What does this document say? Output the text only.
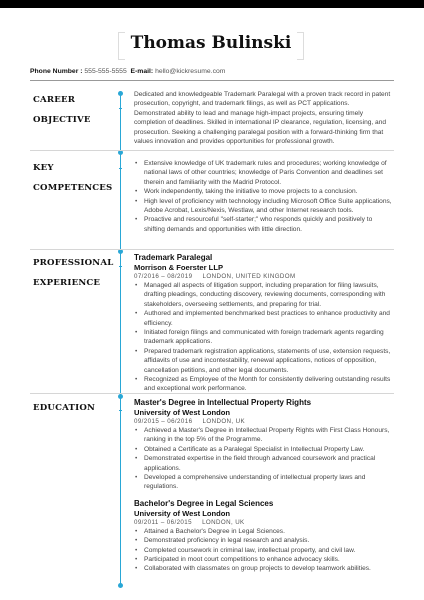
Thomas Bulinski
Phone Number : 555-555-5555 E-mail: hello@kickresume.com
CAREER
OBJECTIVE

Dedicated and knowledgeable Trademark Paralegal with a proven track record in patent prosecution, copyright, and trademark filings, as well as PCT applications. Demonstrated ability to lead and manage high-impact projects, ensuring timely completion of deadlines. Skilled in international IP clearance, regulation, licensing, and prosecution. Seeking a challenging paralegal position with a forward-thinking firm that values innovation and provides opportunities for professional growth.

KEY
COMPETENCES
• Extensive knowledge of UK trademark rules and procedures; working knowledge of national laws of other countries; knowledge of Paris Convention and deadlines set therein and familiarity with the Madrid Protocol.
• Work independently, taking the initiative to move projects to a conclusion.
• High level of proficiency with technology including Microsoft Office Suite applications, Adobe Acrobat, Lexis/Nexis, Westlaw, and other Internet research tools.
• Proactive and resourceful "self-starter;" who responds quickly and positively to shifting demands and opportunities with little direction.
PROFESSIONAL
EXPERIENCE
Trademark Paralegal
Morrison & Foerster LLP
07/2016 – 08/2019 LONDON, UNITED KINGDOM
• Managed all aspects of litigation support, including preparation for filing lawsuits, drafting pleadings, conducting discovery, reviewing documents, corresponding with stakeholders, overseeing settlements, and preparing for trial.
• Authored and implemented benchmarked best practices to enhance productivity and efficiency.
• Initiated foreign filings and communicated with foreign trademark agents regarding trademark applications.
• Prepared trademark registration applications, statements of use, extension requests, affidavits of use and incontestability, renewal applications, notices of opposition, cancellation petitions, and other legal documents.
• Recognized as Employee of the Month for consistently delivering outstanding results and exceptional work performance.
EDUCATION
Master's Degree in Intellectual Property Rights
University of West London
09/2015 – 06/2016 LONDON, UK
• Achieved a Master's Degree in Intellectual Property Rights with First Class Honours, ranking in the top 5% of the Programme.
• Obtained a Certificate as a Paralegal Specialist in Intellectual Property Law.
• Demonstrated expertise in the field through advanced coursework and practical applications.
• Developed a comprehensive understanding of intellectual property laws and regulations.
Bachelor's Degree in Legal Sciences
University of West London
09/2011 – 06/2015 LONDON, UK
• Attained a Bachelor's Degree in Legal Sciences.
• Demonstrated proficiency in legal research and analysis.
• Completed coursework in criminal law, intellectual property, and civil law.
• Participated in moot court competitions to enhance advocacy skills.
• Collaborated with classmates on group projects to develop teamwork abilities.
